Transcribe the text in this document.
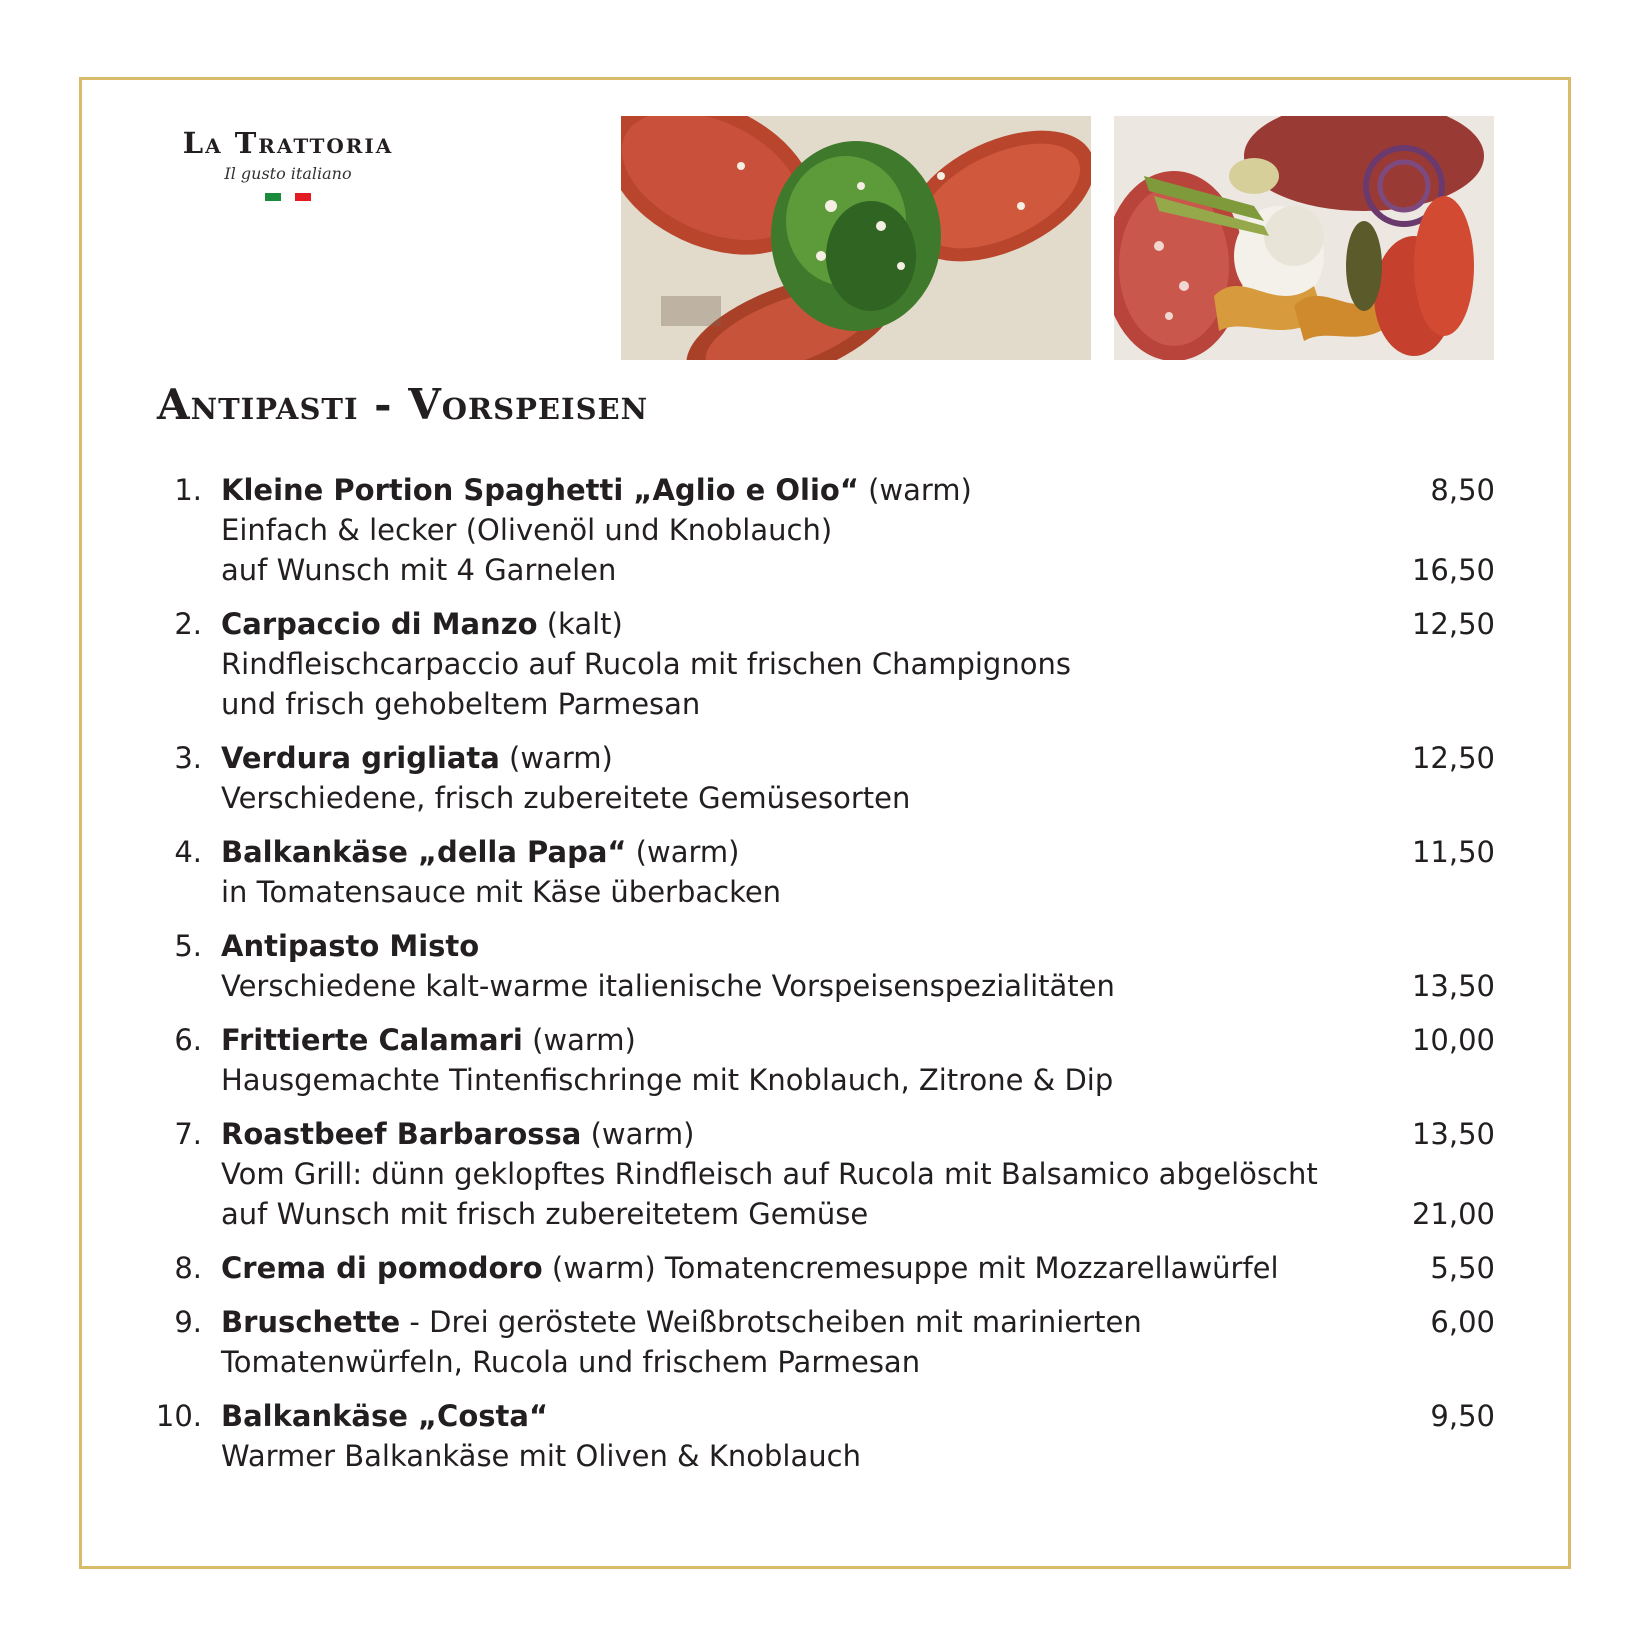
La Trattoria
Il gusto italiano
Antipasti - Vorspeisen
1. Kleine Portion Spaghetti „Aglio e Olio“ (warm)	8,50
Einfach & lecker (Olivenöl und Knoblauch)
auf Wunsch mit 4 Garnelen	16,50
2. Carpaccio di Manzo (kalt)	12,50
Rindfleischcarpaccio auf Rucola mit frischen Champignons
und frisch gehobeltem Parmesan
3. Verdura grigliata (warm)	12,50
Verschiedene, frisch zubereitete Gemüsesorten
4. Balkankäse „della Papa“ (warm)	11,50
in Tomatensauce mit Käse überbacken
5. Antipasto Misto
Verschiedene kalt-warme italienische Vorspeisenspezialitäten	13,50
6. Frittierte Calamari (warm)	10,00
Hausgemachte Tintenfischringe mit Knoblauch, Zitrone & Dip
7. Roastbeef Barbarossa (warm)	13,50
Vom Grill: dünn geklopftes Rindfleisch auf Rucola mit Balsamico abgelöscht
auf Wunsch mit frisch zubereitetem Gemüse	21,00
8. Crema di pomodoro (warm) Tomatencremesuppe mit Mozzarellawürfel	5,50
9. Bruschette - Drei geröstete Weißbrotscheiben mit marinierten	6,00
Tomatenwürfeln, Rucola und frischem Parmesan
10. Balkankäse „Costa“	9,50
Warmer Balkankäse mit Oliven & Knoblauch
